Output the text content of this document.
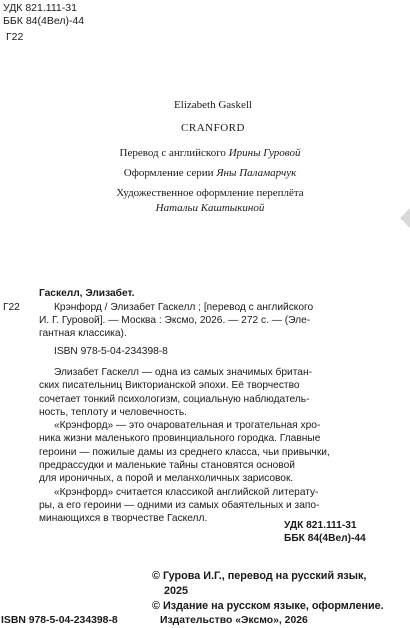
УДК 821.111-31
ББК 84(4Вел)-44
Г22
Elizabeth Gaskell
CRANFORD
Перевод с английского Ирины Гуровой
Оформление серии Яны Паламарчук
Художественное оформление переплёта
Натальи Каштыкиной
Г22
Гаскелл, Элизабет.
Крэнфорд / Элизабет Гаскелл ; [перевод с английского
И. Г. Гуровой]. — Москва : Эксмо, 2026. — 272 с. — (Эле-
гантная классика).
ISBN 978-5-04-234398-8

Элизабет Гаскелл — одна из самых значимых британ-

ских писательниц Викторианской эпохи. Её творчество

сочетает тонкий психологизм, социальную наблюдатель-

ность, теплоту и человечность.

«Крэнфорд» — это очаровательная и трогательная хро-

ника жизни маленького провинциального городка. Главные

героини — пожилые дамы из среднего класса, чьи привычки,

предрассудки и маленькие тайны становятся основой

для ироничных, а порой и меланхоличных зарисовок.

«Крэнфорд» считается классикой английской литерату-

ры, а его героини — одними из самых обаятельных и запо-

минающихся в творчестве Гаскелл.

УДК 821.111-31
ББК 84(4Вел)-44
© Гурова И.Г., перевод на русский язык,
2025
© Издание на русском языке, оформление.
ISBN 978-5-04-234398-8	Издательство «Эксмо», 2026
